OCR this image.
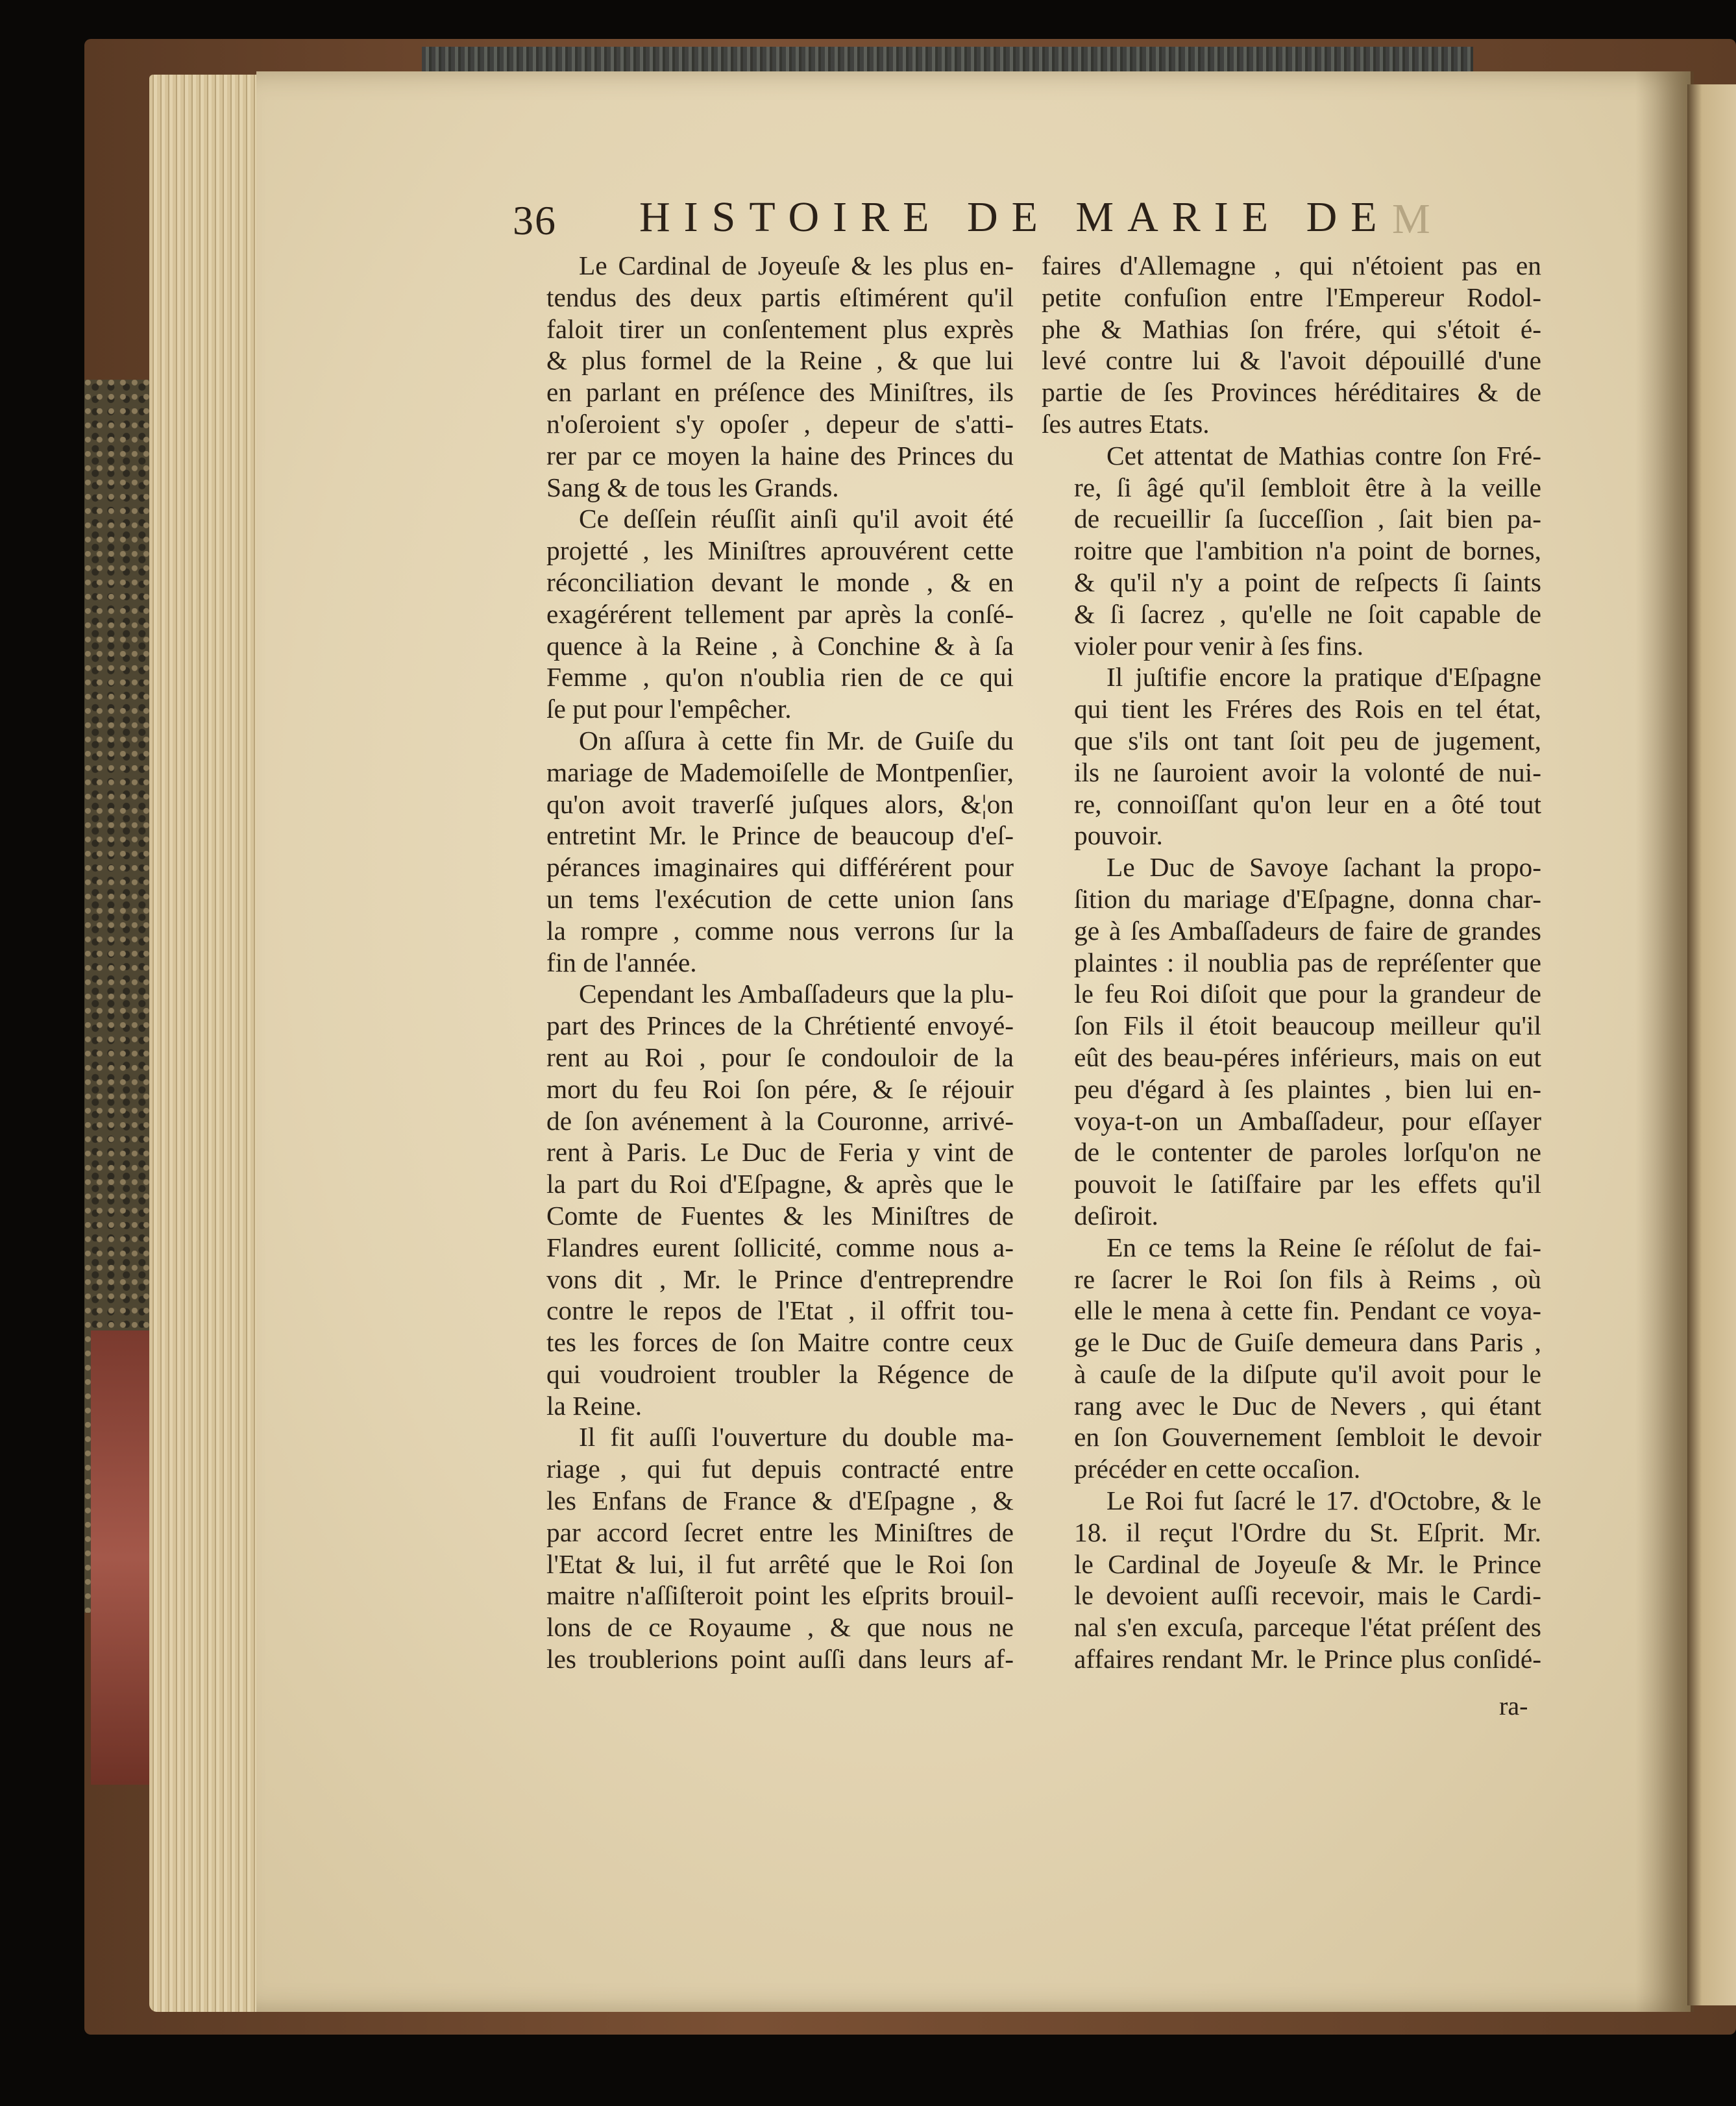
36 HISTOIRE DE MARIE DE M
Le Cardinal de Joyeuſe & les plus en-
tendus des deux partis eſtimérent qu'il
faloit tirer un conſentement plus exprès
& plus formel de la Reine , & que lui
en parlant en préſence des Miniſtres, ils
n'oſeroient s'y opoſer , depeur de s'atti-
rer par ce moyen la haine des Princes du
Sang & de tous les Grands.
Ce deſſein réuſſit ainſi qu'il avoit été
projetté , les Miniſtres aprouvérent cette
réconciliation devant le monde , & en
exagérérent tellement par après la conſé-
quence à la Reine , à Conchine & à ſa
Femme , qu'on n'oublia rien de ce qui
ſe put pour l'empêcher.
On aſſura à cette fin Mr. de Guiſe du
mariage de Mademoiſelle de Montpenſier,
qu'on avoit traverſé juſques alors, &¦on
entretint Mr. le Prince de beaucoup d'eſ-
pérances imaginaires qui différérent pour
un tems l'exécution de cette union ſans
la rompre , comme nous verrons ſur la
fin de l'année.
Cependant les Ambaſſadeurs que la plu-
part des Princes de la Chrétienté envoyé-
rent au Roi , pour ſe condouloir de la
mort du feu Roi ſon pére, & ſe réjouir
de ſon avénement à la Couronne, arrivé-
rent à Paris. Le Duc de Feria y vint de
la part du Roi d'Eſpagne, & après que le
Comte de Fuentes & les Miniſtres de
Flandres eurent ſollicité, comme nous a-
vons dit , Mr. le Prince d'entreprendre
contre le repos de l'Etat , il offrit tou-
tes les forces de ſon Maitre contre ceux
qui voudroient troubler la Régence de
la Reine.
Il fit auſſi l'ouverture du double ma-
riage , qui fut depuis contracté entre
les Enfans de France & d'Eſpagne , &
par accord ſecret entre les Miniſtres de
l'Etat & lui, il fut arrêté que le Roi ſon
maitre n'aſſiſteroit point les eſprits brouil-
lons de ce Royaume , & que nous ne
les troublerions point auſſi dans leurs af-
faires d'Allemagne , qui n'étoient pas en
petite confuſion entre l'Empereur Rodol-
phe & Mathias ſon frére, qui s'étoit é-
levé contre lui & l'avoit dépouillé d'une
partie de ſes Provinces héréditaires & de
ſes autres Etats.
Cet attentat de Mathias contre ſon Fré-
re, ſi âgé qu'il ſembloit être à la veille
de recueillir ſa ſucceſſion , ſait bien pa-
roitre que l'ambition n'a point de bornes,
& qu'il n'y a point de reſpects ſi ſaints
& ſi ſacrez , qu'elle ne ſoit capable de
violer pour venir à ſes fins.
Il juſtifie encore la pratique d'Eſpagne
qui tient les Fréres des Rois en tel état,
que s'ils ont tant ſoit peu de jugement,
ils ne ſauroient avoir la volonté de nui-
re, connoiſſant qu'on leur en a ôté tout
pouvoir.
Le Duc de Savoye ſachant la propo-
ſition du mariage d'Eſpagne, donna char-
ge à ſes Ambaſſadeurs de faire de grandes
plaintes : il noublia pas de repréſenter que
le feu Roi diſoit que pour la grandeur de
ſon Fils il étoit beaucoup meilleur qu'il
eût des beau-péres inférieurs, mais on eut
peu d'égard à ſes plaintes , bien lui en-
voya-t-on un Ambaſſadeur, pour eſſayer
de le contenter de paroles lorſqu'on ne
pouvoit le ſatiſfaire par les effets qu'il
deſiroit.
En ce tems la Reine ſe réſolut de fai-
re ſacrer le Roi ſon fils à Reims , où
elle le mena à cette fin. Pendant ce voya-
ge le Duc de Guiſe demeura dans Paris ,
à cauſe de la diſpute qu'il avoit pour le
rang avec le Duc de Nevers , qui étant
en ſon Gouvernement ſembloit le devoir
précéder en cette occaſion.
Le Roi fut ſacré le 17. d'Octobre, & le
18. il reçut l'Ordre du St. Eſprit. Mr.
le Cardinal de Joyeuſe & Mr. le Prince
le devoient auſſi recevoir, mais le Cardi-
nal s'en excuſa, parceque l'état préſent des
affaires rendant Mr. le Prince plus conſidé-
ra-
